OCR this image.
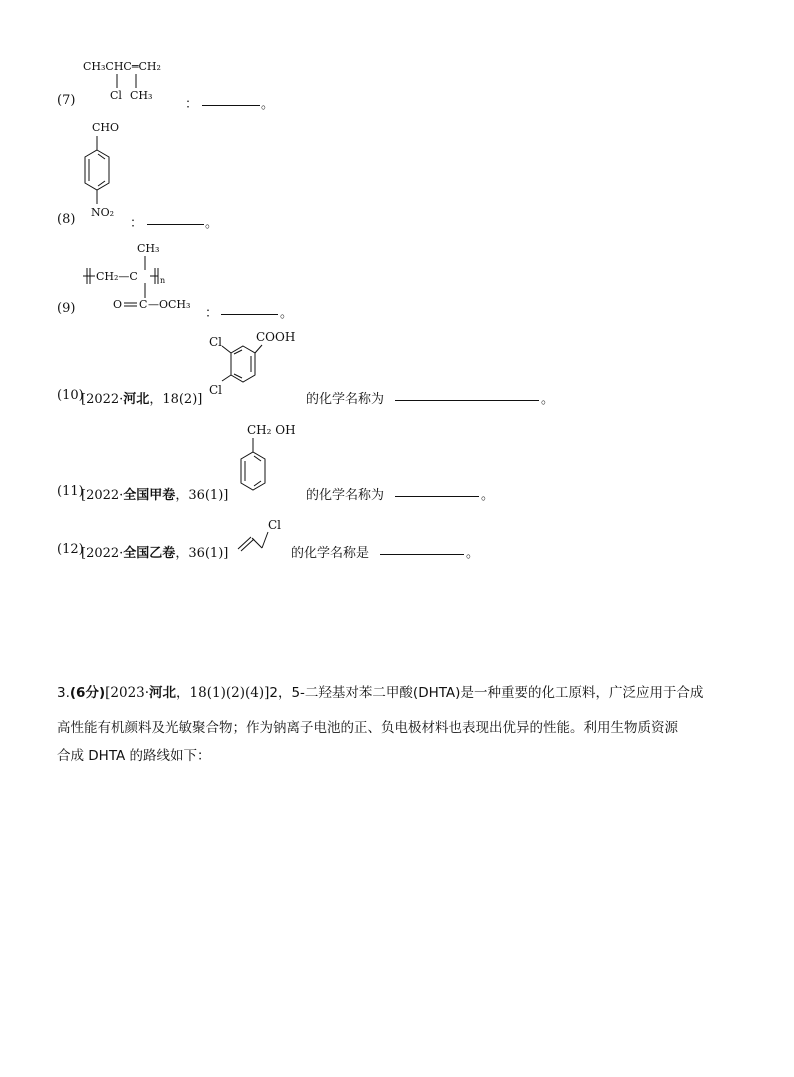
CH₃CHC═CH₂
Cl CH₃
(7)	：	。
CHO
NO₂
(8)	：	。
CH₃
CH₂—C	n
O C —OCH₃
(9)	：	。
Cl	COOH
Cl
(10)
[2022·河北，18(2)]	的化学名称为	。
CH₂ OH
(11)
[2022·全国甲卷，36(1)]	的化学名称为	。
Cl
(12)
[2022·全国乙卷，36(1)]	的化学名称是	。
3.(6分)[2023·河北，18(1)(2)(4)]2，5-二羟基对苯二甲酸(DHTA)是一种重要的化工原料，广泛应用于合成
高性能有机颜料及光敏聚合物；作为钠离子电池的正、负电极材料也表现出优异的性能。利用生物质资源
合成 DHTA 的路线如下：
